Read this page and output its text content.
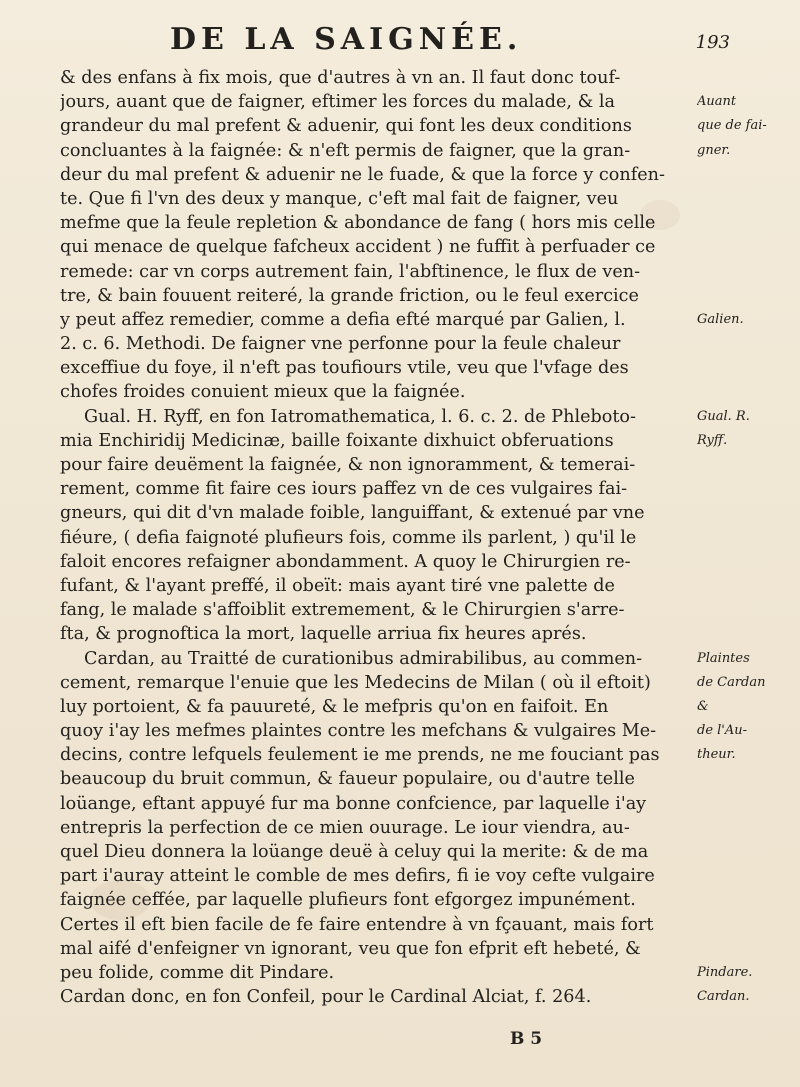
DE LA SAIGNÉE.	193
& des enfans à fix mois, que d'autres à vn an. Il faut donc touf-
jours, auant que de faigner, eftimer les forces du malade, & la
grandeur du mal prefent & aduenir, qui font les deux conditions
concluantes à la faignée: & n'eft permis de faigner, que la gran-
deur du mal prefent & aduenir ne le fuade, & que la force y confen-
te. Que fi l'vn des deux y manque, c'eft mal fait de faigner, veu
mefme que la feule repletion & abondance de fang ( hors mis celle
qui menace de quelque fafcheux accident ) ne fuffit à perfuader ce
remede: car vn corps autrement fain, l'abftinence, le flux de ven-
tre, & bain fouuent reiteré, la grande friction, ou le feul exercice
y peut affez remedier, comme a defia efté marqué par Galien, l.
2. c. 6. Methodi. De faigner vne perfonne pour la feule chaleur
exceffiue du foye, il n'eft pas toufiours vtile, veu que l'vfage des
chofes froides conuient mieux que la faignée.
Gual. H. Ryff, en fon Iatromathematica, l. 6. c. 2. de Phleboto-
mia Enchiridij Medicinæ, baille foixante dixhuict obferuations
pour faire deuëment la faignée, & non ignoramment, & temerai-
rement, comme fit faire ces iours paffez vn de ces vulgaires fai-
gneurs, qui dit d'vn malade foible, languiffant, & extenué par vne
fiéure, ( defia faignoté plufieurs fois, comme ils parlent, ) qu'il le
faloit encores refaigner abondamment. A quoy le Chirurgien re-
fufant, & l'ayant preffé, il obeït: mais ayant tiré vne palette de
fang, le malade s'affoiblit extremement, & le Chirurgien s'arre-
fta, & prognoftica la mort, laquelle arriua fix heures aprés.
Cardan, au Traitté de curationibus admirabilibus, au commen-
cement, remarque l'enuie que les Medecins de Milan ( où il eftoit)
luy portoient, & fa pauureté, & le mefpris qu'on en faifoit. En
quoy i'ay les mefmes plaintes contre les mefchans & vulgaires Me-
decins, contre lefquels feulement ie me prends, ne me fouciant pas
beaucoup du bruit commun, & faueur populaire, ou d'autre telle
loüange, eftant appuyé fur ma bonne confcience, par laquelle i'ay
entrepris la perfection de ce mien ouurage. Le iour viendra, au-
quel Dieu donnera la loüange deuë à celuy qui la merite: & de ma
part i'auray atteint le comble de mes defirs, fi ie voy cefte vulgaire
faignée ceffée, par laquelle plufieurs font efgorgez impunément.
Certes il eft bien facile de fe faire entendre à vn fçauant, mais fort
mal aifé d'enfeigner vn ignorant, veu que fon efprit eft hebeté, &
peu folide, comme dit Pindare.
Cardan donc, en fon Confeil, pour le Cardinal Alciat, f. 264.
Auant
que de fai-
gner.
Galien.
Gual. R.
Ryff.
Plaintes
de Cardan
&
de l'Au-
theur.
Pindare.
Cardan.
B 5
